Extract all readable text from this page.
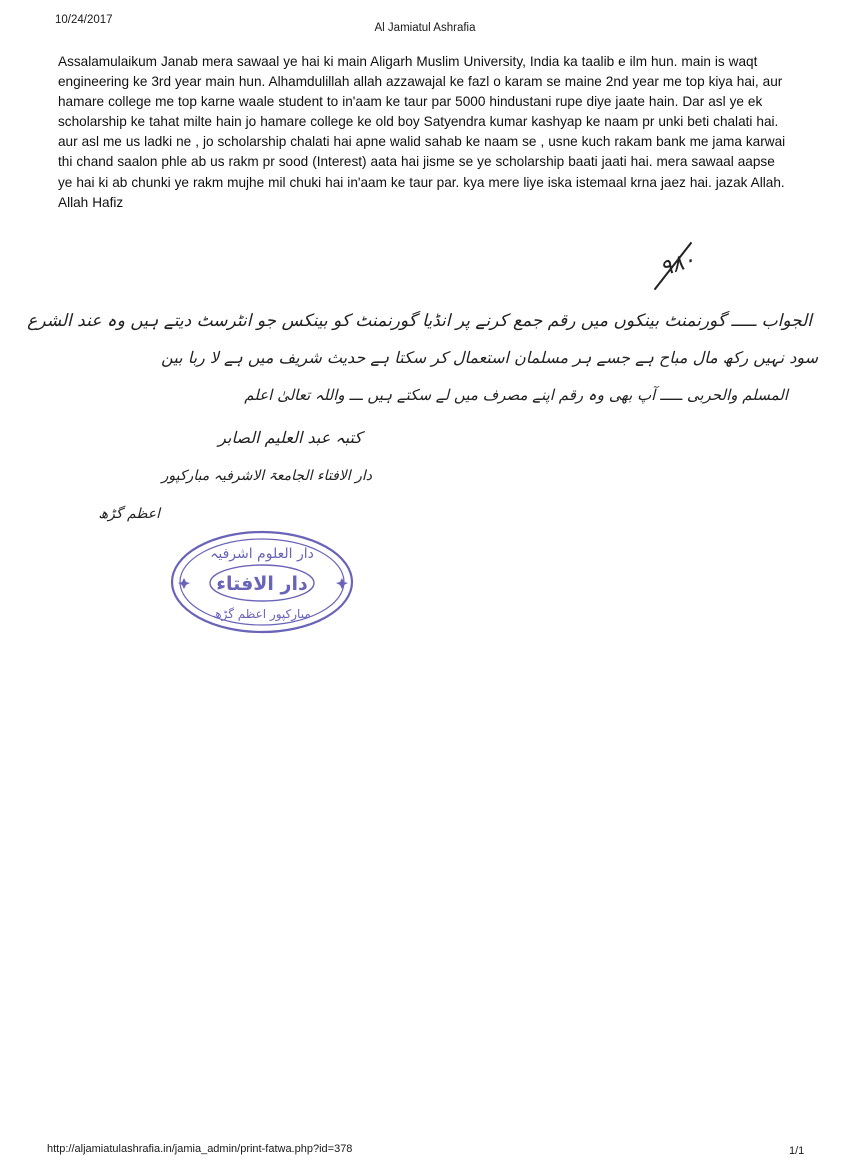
10/24/2017
Al Jamiatul Ashrafia
Assalamulaikum Janab mera sawaal ye hai ki main Aligarh Muslim University, India ka taalib e ilm hun. main is waqt engineering ke 3rd year main hun. Alhamdulillah allah azzawajal ke fazl o karam se maine 2nd year me top kiya hai, aur hamare college me top karne waale student to in'aam ke taur par 5000 hindustani rupe diye jaate hain. Dar asl ye ek scholarship ke tahat milte hain jo hamare college ke old boy Satyendra kumar kashyap ke naam pr unki beti chalati hai. aur asl me us ladki ne , jo scholarship chalati hai apne walid sahab ke naam se , usne kuch rakam bank me jama karwai thi chand saalon phle ab us rakm pr sood (Interest) aata hai jisme se ye scholarship baati jaati hai. mera sawaal aapse ye hai ki ab chunki ye rakm mujhe mil chuki hai in'aam ke taur par. kya mere liye iska istemaal krna jaez hai. jazak Allah. Allah Hafiz
٩٨٠
الجواب ـــــ گورنمنٹ بینکوں میں رقم جمع کرنے پر انڈیا گورنمنٹ کو بینکس جو انٹرسٹ دیتے ہیں وہ عند الشرع
سود نہیں رکھ مال مباح ہے جسے ہر مسلمان استعمال کر سکتا ہے حدیث شریف میں ہے لا ربا بین
المسلم والحربی ـــــ آپ بھی وہ رقم اپنے مصرف میں لے سکتے ہیں ـــ واللہ تعالیٰ اعلم
کتبہ عبد العلیم الصابر
دار الافتاء الجامعۃ الاشرفیہ مبارکپور
اعظم گڑھ
دار العلوم اشرفیہ
دار الافتاء
مبارکپور اعظم گڑھ
http://aljamiatulashrafia.in/jamia_admin/print-fatwa.php?id=378	1/1
